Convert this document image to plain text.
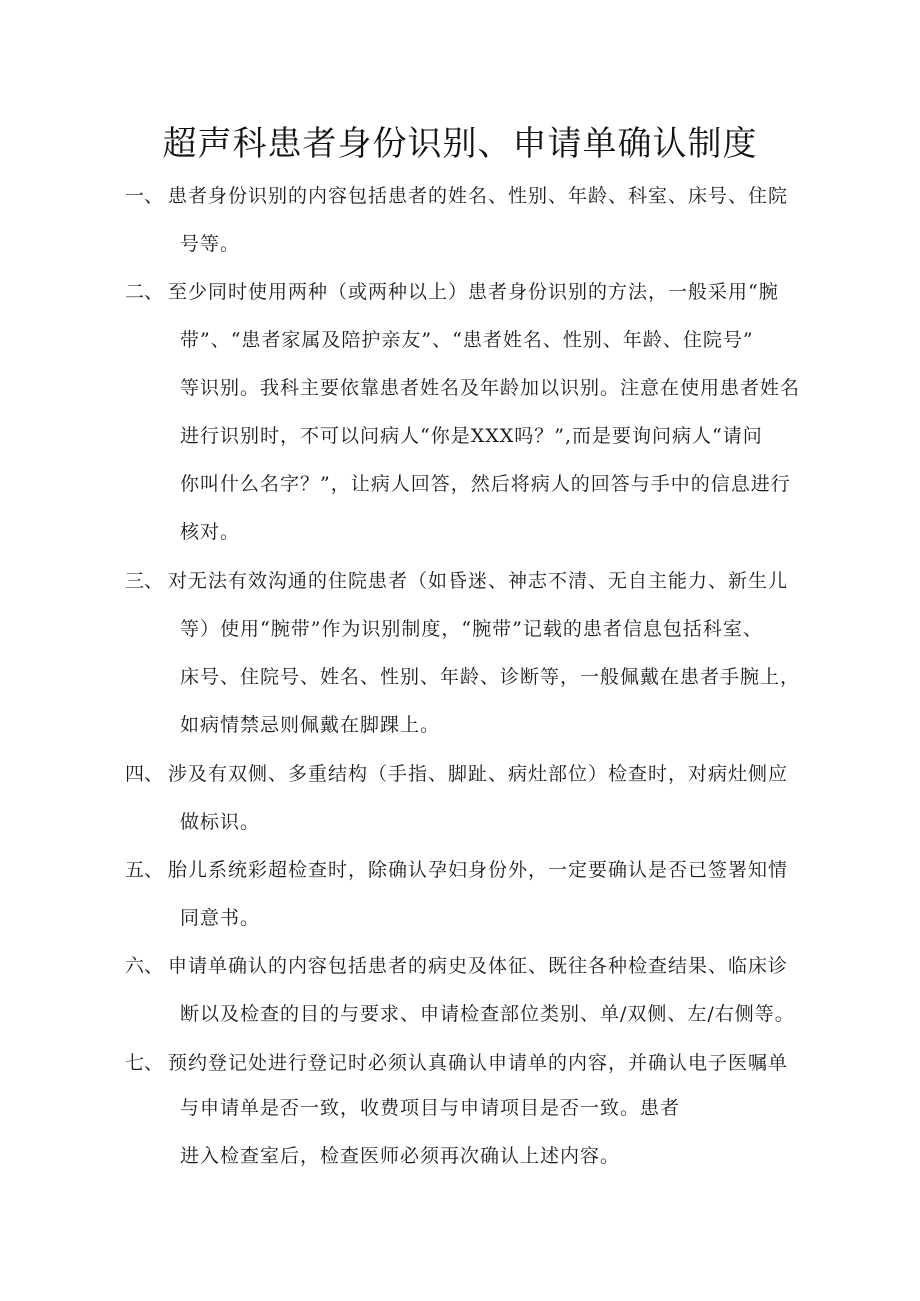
超声科患者身份识别、申请单确认制度
一、 患者身份识别的内容包括患者的姓名、性别、年龄、科室、床号、住院
号等。
二、 至少同时使用两种（或两种以上）患者身份识别的方法，一般采用“腕
带”、“患者家属及陪护亲友”、“患者姓名、性别、年龄、住院号”
等识别。我科主要依靠患者姓名及年龄加以识别。注意在使用患者姓名
进行识别时，不可以问病人“你是XXX吗？”,而是要询问病人“请问
你叫什么名字？”，让病人回答，然后将病人的回答与手中的信息进行
核对。
三、 对无法有效沟通的住院患者（如昏迷、神志不清、无自主能力、新生儿
等）使用“腕带”作为识别制度，“腕带”记载的患者信息包括科室、
床号、住院号、姓名、性别、年龄、诊断等，一般佩戴在患者手腕上，
如病情禁忌则佩戴在脚踝上。
四、 涉及有双侧、多重结构（手指、脚趾、病灶部位）检查时，对病灶侧应
做标识。
五、 胎儿系统彩超检查时，除确认孕妇身份外，一定要确认是否已签署知情
同意书。
六、 申请单确认的内容包括患者的病史及体征、既往各种检查结果、临床诊
断以及检查的目的与要求、申请检查部位类别、单/双侧、左/右侧等。
七、 预约登记处进行登记时必须认真确认申请单的内容，并确认电子医嘱单
与申请单是否一致，收费项目与申请项目是否一致。患者
进入检查室后，检查医师必须再次确认上述内容。
